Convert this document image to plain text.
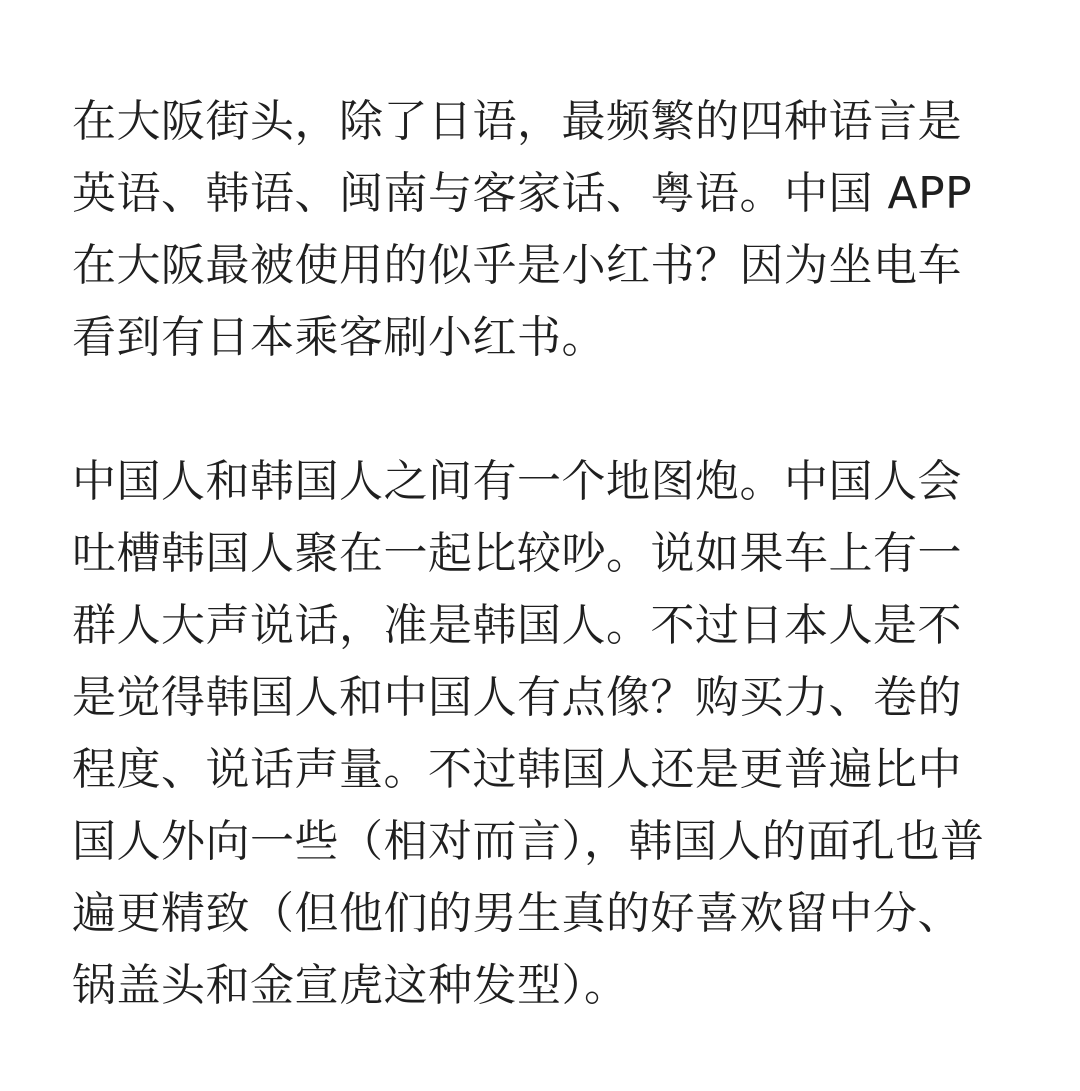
在大阪街头，除了日语，最频繁的四种语言是
英语、韩语、闽南与客家话、粤语。中国 APP
在大阪最被使用的似乎是小红书？因为坐电车
看到有日本乘客刷小红书。

中国人和韩国人之间有一个地图炮。中国人会
吐槽韩国人聚在一起比较吵。说如果车上有一
群人大声说话，准是韩国人。不过日本人是不
是觉得韩国人和中国人有点像？购买力、卷的
程度、说话声量。不过韩国人还是更普遍比中
国人外向一些（相对而言），韩国人的面孔也普
遍更精致（但他们的男生真的好喜欢留中分、
锅盖头和金宣虎这种发型）。
